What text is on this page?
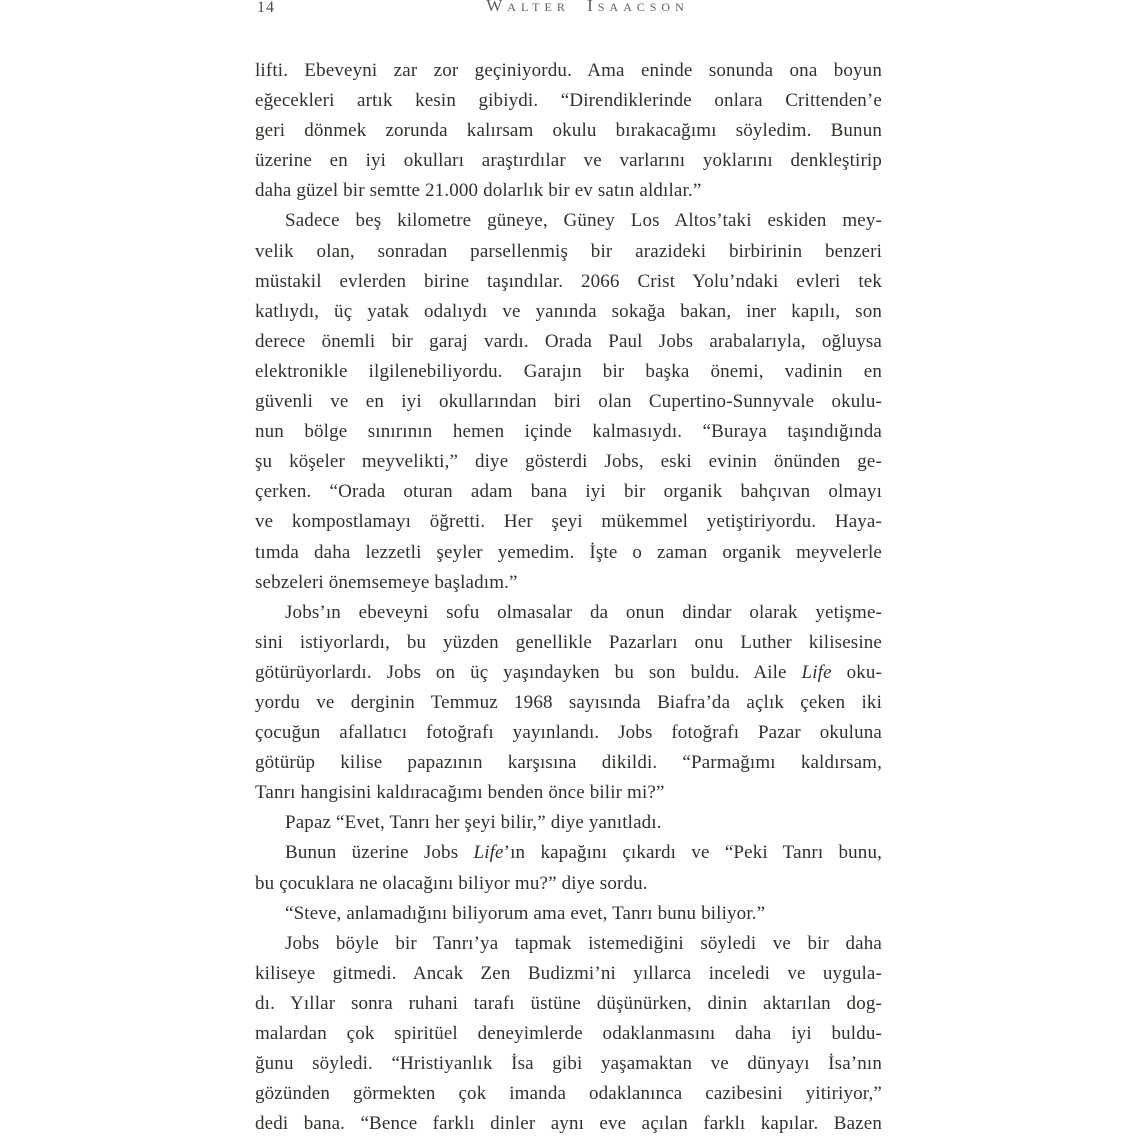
14	Walter Isaacson
lifti. Ebeveyni zar zor geçiniyordu. Ama eninde sonunda ona boyun
eğecekleri artık kesin gibiydi. “Direndiklerinde onlara Crittenden’e
geri dönmek zorunda kalırsam okulu bırakacağımı söyledim. Bunun
üzerine en iyi okulları araştırdılar ve varlarını yoklarını denkleştirip
daha güzel bir semtte 21.000 dolarlık bir ev satın aldılar.”
Sadece beş kilometre güneye, Güney Los Altos’taki eskiden mey-
velik olan, sonradan parsellenmiş bir arazideki birbirinin benzeri
müstakil evlerden birine taşındılar. 2066 Crist Yolu’ndaki evleri tek
katlıydı, üç yatak odalıydı ve yanında sokağa bakan, iner kapılı, son
derece önemli bir garaj vardı. Orada Paul Jobs arabalarıyla, oğluysa
elektronikle ilgilenebiliyordu. Garajın bir başka önemi, vadinin en
güvenli ve en iyi okullarından biri olan Cupertino-Sunnyvale okulu-
nun bölge sınırının hemen içinde kalmasıydı. “Buraya taşındığında
şu köşeler meyvelikti,” diye gösterdi Jobs, eski evinin önünden ge-
çerken. “Orada oturan adam bana iyi bir organik bahçıvan olmayı
ve kompostlamayı öğretti. Her şeyi mükemmel yetiştiriyordu. Haya-
tımda daha lezzetli şeyler yemedim. İşte o zaman organik meyvelerle
sebzeleri önemsemeye başladım.”
Jobs’ın ebeveyni sofu olmasalar da onun dindar olarak yetişme-
sini istiyorlardı, bu yüzden genellikle Pazarları onu Luther kilisesine
götürüyorlardı. Jobs on üç yaşındayken bu son buldu. Aile Life oku-
yordu ve derginin Temmuz 1968 sayısında Biafra’da açlık çeken iki
çocuğun afallatıcı fotoğrafı yayınlandı. Jobs fotoğrafı Pazar okuluna
götürüp kilise papazının karşısına dikildi. “Parmağımı kaldırsam,
Tanrı hangisini kaldıracağımı benden önce bilir mi?”
Papaz “Evet, Tanrı her şeyi bilir,” diye yanıtladı.
Bunun üzerine Jobs Life’ın kapağını çıkardı ve “Peki Tanrı bunu,
bu çocuklara ne olacağını biliyor mu?” diye sordu.
“Steve, anlamadığını biliyorum ama evet, Tanrı bunu biliyor.”
Jobs böyle bir Tanrı’ya tapmak istemediğini söyledi ve bir daha
kiliseye gitmedi. Ancak Zen Budizmi’ni yıllarca inceledi ve uygula-
dı. Yıllar sonra ruhani tarafı üstüne düşünürken, dinin aktarılan dog-
malardan çok spiritüel deneyimlerde odaklanmasını daha iyi buldu-
ğunu söyledi. “Hristiyanlık İsa gibi yaşamaktan ve dünyayı İsa’nın
gözünden görmekten çok imanda odaklanınca cazibesini yitiriyor,”
dedi bana. “Bence farklı dinler aynı eve açılan farklı kapılar. Bazen
